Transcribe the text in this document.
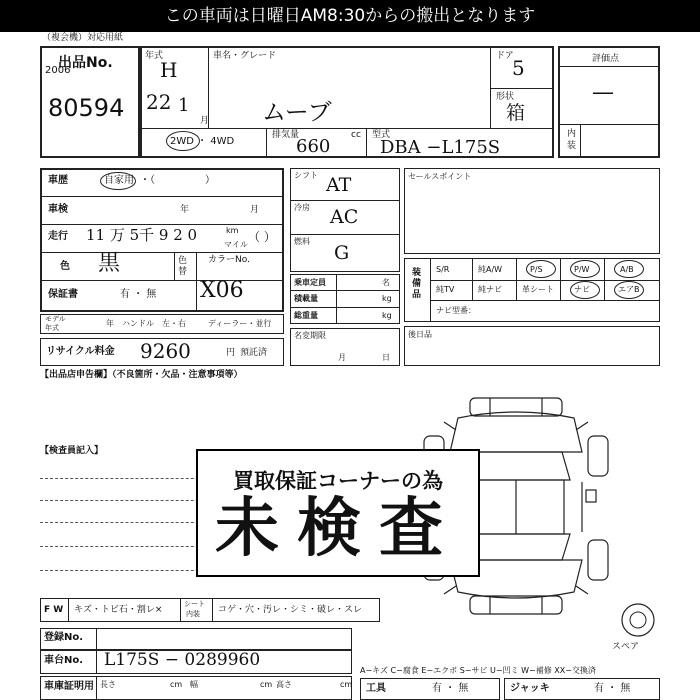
この車両は日曜日AM8:30からの搬出となります
（複会機）対応用紙
出品No.
2006
80594
年式
H
22 1
月
車名・グレード
ムーブ
ドア
5
形状
箱
2WD ・ 4WD
排気量	cc
660
型式
DBA −L175S
評価点
—
内装
車歴	自家用 ・（　　　　　）
車検	年	月
走行 11 万 5千 9 2 0	km
マイル
（ ）
色 黒	色替
カラーNo.
X06
保証書	有 ・ 無
モデル
年式	年 ハンドル　左・右	ディーラー・並行
リサイクル料金 9260	円 預託済
【出品店申告欄】（不良箇所・欠品・注意事項等）
シフト AT
冷房 AC
燃料
G
乗車定員	名
積載量	kg
総重量	kg
名変期限
月	日
セールスポイント
装備品
S/R	純A/W	P/S	P/W	A/B
純TV	純ナビ	革シート	ナビ	エアB
ナビ型番：
後日品
【検査員記入】
スペア
買取保証コーナーの為
未検査
F W キズ・トビ石・割レ×
シート
内装 コゲ・穴・汚レ・シミ・破レ・スレ
登録No.
車台No. L175S − 0289960
A−キズ C−腐食 E−エクボ S−サビ U−凹ミ W−補修 XX−交換済
車庫証明用 長さ	cm 幅	cm 高さ	cm 工具	有 ・ 無	ジャッキ	有 ・ 無
